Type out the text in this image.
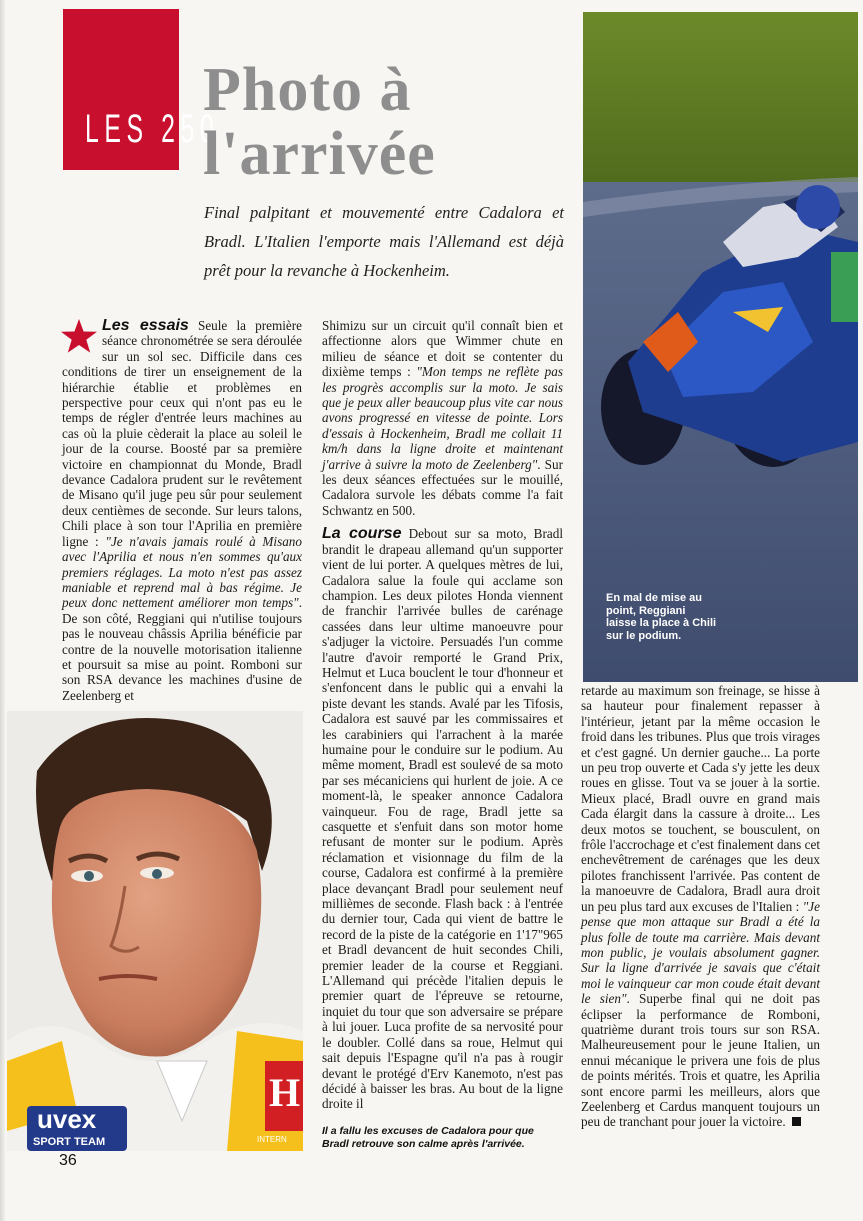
LES 250
Photo à
l'arrivée
Final palpitant et mouvementé entre Cadalora et Bradl. L'Italien l'emporte mais l'Allemand est déjà prêt pour la revanche à Hockenheim.

Les essais Seule la première séance chronométrée se sera déroulée sur un sol sec. Difficile dans ces conditions de tirer un enseignement de la hiérarchie établie et problèmes en perspective pour ceux qui n'ont pas eu le temps de régler d'entrée leurs machines au cas où la pluie cèderait la place au soleil le jour de la course. Boosté par sa première victoire en championnat du Monde, Bradl devance Cadalora prudent sur le revêtement de Misano qu'il juge peu sûr pour seulement deux centièmes de seconde. Sur leurs talons, Chili place à son tour l'Aprilia en première ligne : "Je n'avais jamais roulé à Misano avec l'Aprilia et nous n'en sommes qu'aux premiers réglages. La moto n'est pas assez maniable et reprend mal à bas régime. Je peux donc nettement améliorer mon temps". De son côté, Reggiani qui n'utilise toujours pas le nouveau châssis Aprilia bénéficie par contre de la nouvelle motorisation italienne et poursuit sa mise au point. Romboni sur son RSA devance les machines d'usine de Zeelenberg et

Shimizu sur un circuit qu'il connaît bien et affectionne alors que Wimmer chute en milieu de séance et doit se contenter du dixième temps : "Mon temps ne reflète pas les progrès accomplis sur la moto. Je sais que je peux aller beaucoup plus vite car nous avons progressé en vitesse de pointe. Lors d'essais à Hockenheim, Bradl me collait 11 km/h dans la ligne droite et maintenant j'arrive à suivre la moto de Zeelenberg". Sur les deux séances effectuées sur le mouillé, Cadalora survole les débats comme l'a fait Schwantz en 500.

La course Debout sur sa moto, Bradl brandit le drapeau allemand qu'un supporter vient de lui porter. A quelques mètres de lui, Cadalora salue la foule qui acclame son champion. Les deux pilotes Honda viennent de franchir l'arrivée bulles de carénage cassées dans leur ultime manoeuvre pour s'adjuger la victoire. Persuadés l'un comme l'autre d'avoir remporté le Grand Prix, Helmut et Luca bouclent le tour d'honneur et s'enfoncent dans le public qui a envahi la piste devant les stands. Avalé par les Tifosis, Cadalora est sauvé par les commissaires et les carabiniers qui l'arrachent à la marée humaine pour le conduire sur le podium. Au même moment, Bradl est soulevé de sa moto par ses mécaniciens qui hurlent de joie. A ce moment-là, le speaker annonce Cadalora vainqueur. Fou de rage, Bradl jette sa casquette et s'enfuit dans son motor home refusant de monter sur le podium. Après réclamation et visionnage du film de la course, Cadalora est confirmé à la première place devançant Bradl pour seulement neuf millièmes de seconde. Flash back : à l'entrée du dernier tour, Cada qui vient de battre le record de la piste de la catégorie en 1'17"965 et Bradl devancent de huit secondes Chili, premier leader de la course et Reggiani. L'Allemand qui précède l'italien depuis le premier quart de l'épreuve se retourne, inquiet du tour que son adversaire se prépare à lui jouer. Luca profite de sa nervosité pour le doubler. Collé dans sa roue, Helmut qui sait depuis l'Espagne qu'il n'a pas à rougir devant le protégé d'Erv Kanemoto, n'est pas décidé à baisser les bras. Au bout de la ligne droite il

retarde au maximum son freinage, se hisse à sa hauteur pour finalement repasser à l'intérieur, jetant par la même occasion le froid dans les tribunes. Plus que trois virages et c'est gagné. Un dernier gauche... La porte un peu trop ouverte et Cada s'y jette les deux roues en glisse. Tout va se jouer à la sortie. Mieux placé, Bradl ouvre en grand mais Cada élargit dans la cassure à droite... Les deux motos se touchent, se bousculent, on frôle l'accrochage et c'est finalement dans cet enchevêtrement de carénages que les deux pilotes franchissent l'arrivée. Pas content de la manoeuvre de Cadalora, Bradl aura droit un peu plus tard aux excuses de l'Italien : "Je pense que mon attaque sur Bradl a été la plus folle de toute ma carrière. Mais devant mon public, je voulais absolument gagner. Sur la ligne d'arrivée je savais que c'était moi le vainqueur car mon coude était devant le sien". Superbe final qui ne doit pas éclipser la performance de Romboni, quatrième durant trois tours sur son RSA. Malheureusement pour le jeune Italien, un ennui mécanique le privera une fois de plus de points mérités. Trois et quatre, les Aprilia sont encore parmi les meilleurs, alors que Zeelenberg et Cardus manquent toujours un peu de tranchant pour jouer la victoire.

En mal de mise au point, Reggiani laisse la place à Chili sur le podium.
uvex
SPORT TEAM
H
INTERN
Il a fallu les excuses de Cadalora pour que Bradl retrouve son calme après l'arrivée.
36
